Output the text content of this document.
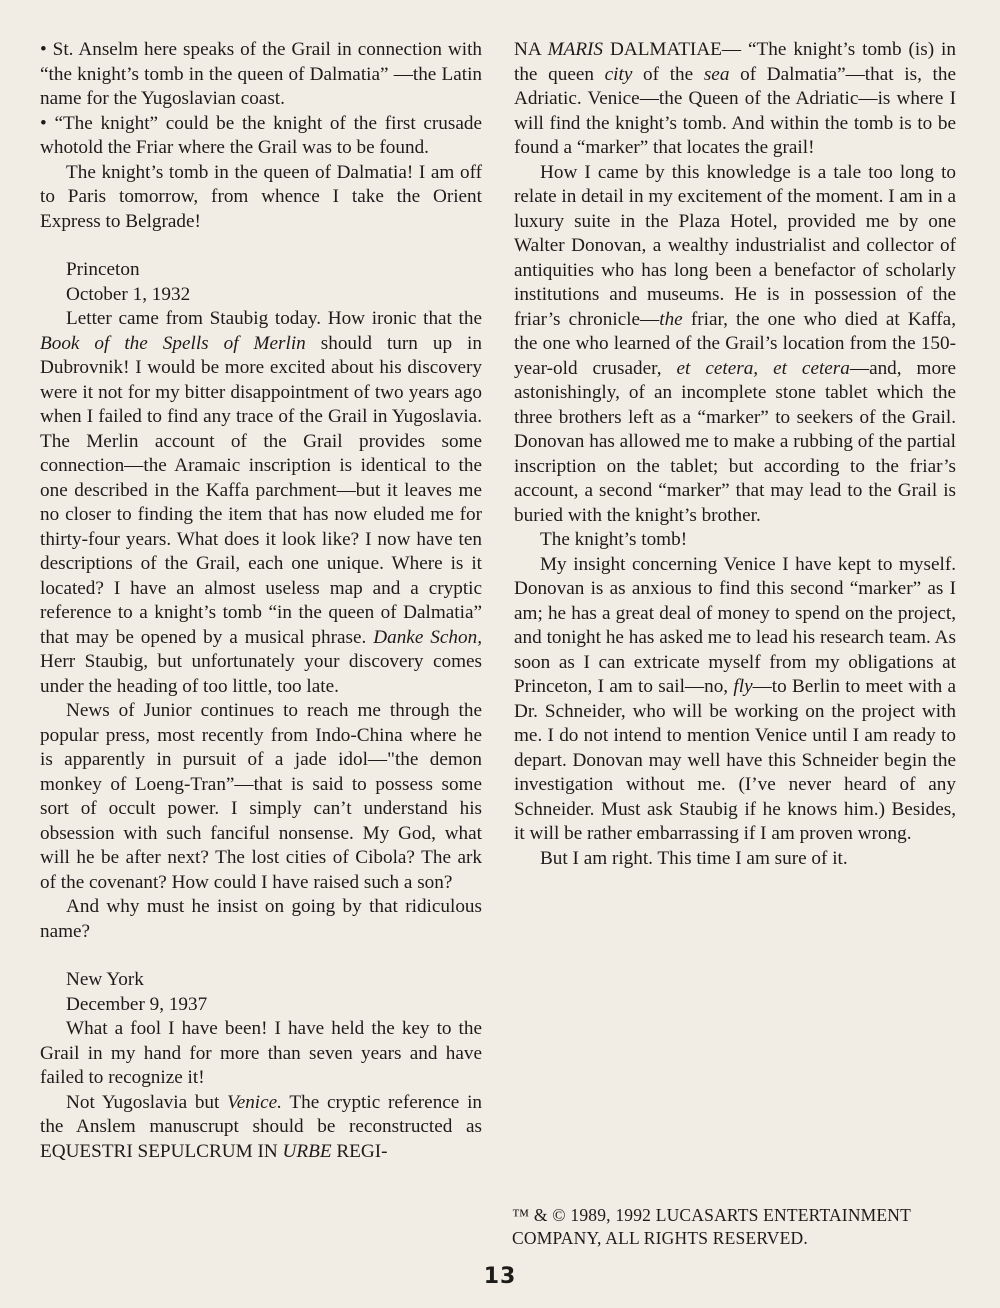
• St. Anselm here speaks of the Grail in connection with “the knight’s tomb in the queen of Dalmatia” —the Latin name for the Yugoslavian coast.

• “The knight” could be the knight of the first crusade whotold the Friar where the Grail was to be found.

The knight’s tomb in the queen of Dalmatia! I am off to Paris tomorrow, from whence I take the Orient Express to Belgrade!

Princeton

October 1, 1932

Letter came from Staubig today. How ironic that the Book of the Spells of Merlin should turn up in Dubrovnik! I would be more excited about his discovery were it not for my bitter disappointment of two years ago when I failed to find any trace of the Grail in Yugoslavia. The Merlin account of the Grail provides some connection—the Aramaic inscription is identical to the one described in the Kaffa parchment—but it leaves me no closer to finding the item that has now eluded me for thirty-four years. What does it look like? I now have ten descriptions of the Grail, each one unique. Where is it located? I have an almost useless map and a cryptic reference to a knight’s tomb “in the queen of Dalmatia” that may be opened by a musical phrase. Danke Schon, Herr Staubig, but unfortunately your discovery comes under the heading of too little, too late.

News of Junior continues to reach me through the popular press, most recently from Indo-China where he is apparently in pursuit of a jade idol—"the demon monkey of Loeng-Tran”—that is said to possess some sort of occult power. I simply can’t understand his obsession with such fanciful nonsense. My God, what will he be after next? The lost cities of Cibola? The ark of the covenant? How could I have raised such a son?

And why must he insist on going by that ridiculous name?

New York

December 9, 1937

What a fool I have been! I have held the key to the Grail in my hand for more than seven years and have failed to recognize it!

Not Yugoslavia but Venice. The cryptic reference in the Anslem manuscrupt should be reconstructed as EQUESTRI SEPULCRUM IN URBE REGI-

NA MARIS DALMATIAE— “The knight’s tomb (is) in the queen city of the sea of Dalmatia”—that is, the Adriatic. Venice—the Queen of the Adriatic—is where I will find the knight’s tomb. And within the tomb is to be found a “marker” that locates the grail!

How I came by this knowledge is a tale too long to relate in detail in my excitement of the moment. I am in a luxury suite in the Plaza Hotel, provided me by one Walter Donovan, a wealthy industrialist and collector of antiquities who has long been a benefactor of scholarly institutions and museums. He is in possession of the friar’s chronicle—the friar, the one who died at Kaffa, the one who learned of the Grail’s location from the 150-year-old crusader, et cetera, et cetera—and, more astonishingly, of an incomplete stone tablet which the three brothers left as a “marker” to seekers of the Grail. Donovan has allowed me to make a rubbing of the partial inscription on the tablet; but according to the friar’s account, a second “marker” that may lead to the Grail is buried with the knight’s brother.

The knight’s tomb!

My insight concerning Venice I have kept to myself. Donovan is as anxious to find this second “marker” as I am; he has a great deal of money to spend on the project, and tonight he has asked me to lead his research team. As soon as I can extricate myself from my obligations at Princeton, I am to sail—no, fly—to Berlin to meet with a Dr. Schneider, who will be working on the project with me. I do not intend to mention Venice until I am ready to depart. Donovan may well have this Schneider begin the investigation without me. (I’ve never heard of any Schneider. Must ask Staubig if he knows him.) Besides, it will be rather embarrassing if I am proven wrong.

But I am right. This time I am sure of it.

™ & © 1989, 1992 LUCASARTS ENTERTAINMENT
COMPANY, ALL RIGHTS RESERVED.
13
